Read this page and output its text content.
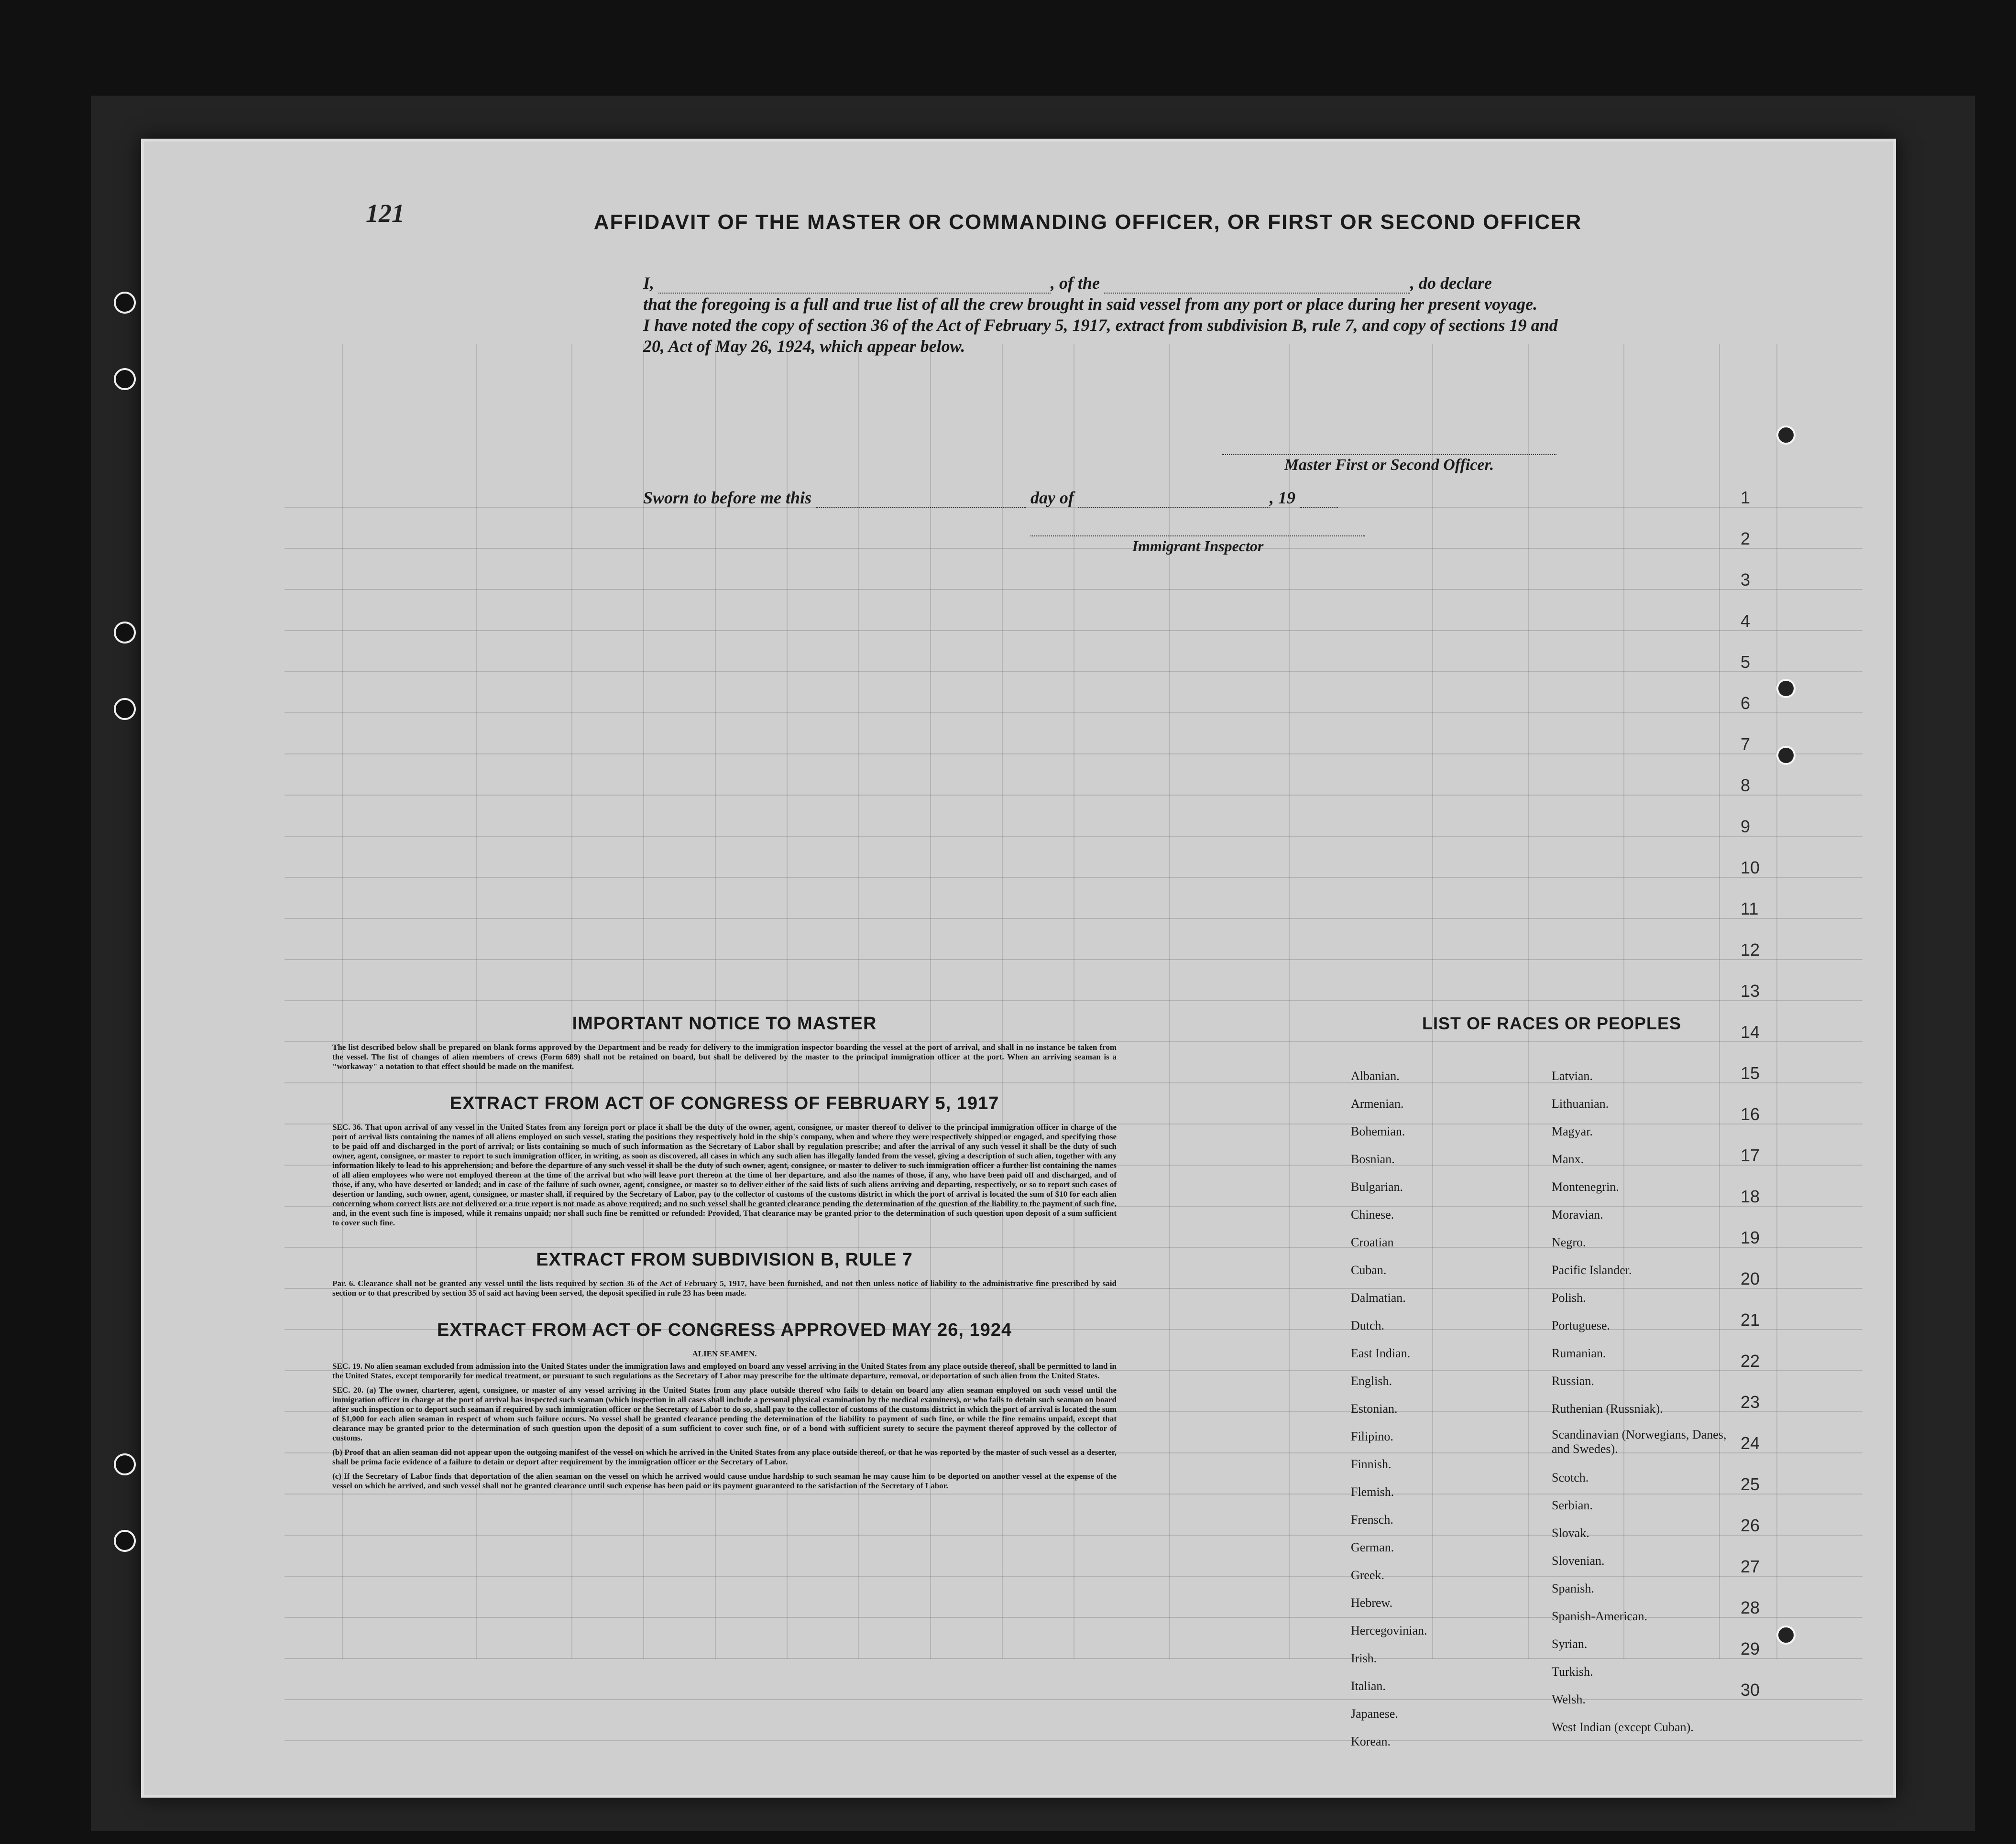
121	AFFIDAVIT OF THE MASTER OR COMMANDING OFFICER, OR FIRST OR SECOND OFFICER
I,	, of the	, do declare
that the foregoing is a full and true list of all the crew brought in said vessel from any port or place during her present voyage.
I have noted the copy of section 36 of the Act of February 5, 1917, extract from subdivision B, rule 7, and copy of sections 19 and
20, Act of May 26, 1924, which appear below.
Master First or Second Officer.
Sworn to before me this	day of	, 19
Immigrant Inspector
1
2
3
4
5
6
7
8
9
10
11
12
13
14
15
16
17
18
19
20
21
22
23
24
25
26
27
28
29
30
IMPORTANT NOTICE TO MASTER

The list described below shall be prepared on blank forms approved by the Department and be ready for delivery to the immigration inspector boarding the vessel at the port of arrival, and shall in no instance be taken from the vessel. The list of changes of alien members of crews (Form 689) shall not be retained on board, but shall be delivered by the master to the principal immigration officer at the port. When an arriving seaman is a "workaway" a notation to that effect should be made on the manifest.

EXTRACT FROM ACT OF CONGRESS OF FEBRUARY 5, 1917

SEC. 36. That upon arrival of any vessel in the United States from any foreign port or place it shall be the duty of the owner, agent, consignee, or master thereof to deliver to the principal immigration officer in charge of the port of arrival lists containing the names of all aliens employed on such vessel, stating the positions they respectively hold in the ship's company, when and where they were respectively shipped or engaged, and specifying those to be paid off and discharged in the port of arrival; or lists containing so much of such information as the Secretary of Labor shall by regulation prescribe; and after the arrival of any such vessel it shall be the duty of such owner, agent, consignee, or master to report to such immigration officer, in writing, as soon as discovered, all cases in which any such alien has illegally landed from the vessel, giving a description of such alien, together with any information likely to lead to his apprehension; and before the departure of any such vessel it shall be the duty of such owner, agent, consignee, or master to deliver to such immigration officer a further list containing the names of all alien employees who were not employed thereon at the time of the arrival but who will leave port thereon at the time of her departure, and also the names of those, if any, who have been paid off and discharged, and of those, if any, who have deserted or landed; and in case of the failure of such owner, agent, consignee, or master so to deliver either of the said lists of such aliens arriving and departing, respectively, or so to report such cases of desertion or landing, such owner, agent, consignee, or master shall, if required by the Secretary of Labor, pay to the collector of customs of the customs district in which the port of arrival is located the sum of $10 for each alien concerning whom correct lists are not delivered or a true report is not made as above required; and no such vessel shall be granted clearance pending the determination of the question of the liability to the payment of such fine, and, in the event such fine is imposed, while it remains unpaid; nor shall such fine be remitted or refunded: Provided, That clearance may be granted prior to the determination of such question upon deposit of a sum sufficient to cover such fine.

EXTRACT FROM SUBDIVISION B, RULE 7

Par. 6. Clearance shall not be granted any vessel until the lists required by section 36 of the Act of February 5, 1917, have been furnished, and not then unless notice of liability to the administrative fine prescribed by said section or to that prescribed by section 35 of said act having been served, the deposit specified in rule 23 has been made.

EXTRACT FROM ACT OF CONGRESS APPROVED MAY 26, 1924
ALIEN SEAMEN.

SEC. 19. No alien seaman excluded from admission into the United States under the immigration laws and employed on board any vessel arriving in the United States from any place outside thereof, shall be permitted to land in the United States, except temporarily for medical treatment, or pursuant to such regulations as the Secretary of Labor may prescribe for the ultimate departure, removal, or deportation of such alien from the United States.

SEC. 20. (a) The owner, charterer, agent, consignee, or master of any vessel arriving in the United States from any place outside thereof who fails to detain on board any alien seaman employed on such vessel until the immigration officer in charge at the port of arrival has inspected such seaman (which inspection in all cases shall include a personal physical examination by the medical examiners), or who fails to detain such seaman on board after such inspection or to deport such seaman if required by such immigration officer or the Secretary of Labor to do so, shall pay to the collector of customs of the customs district in which the port of arrival is located the sum of $1,000 for each alien seaman in respect of whom such failure occurs. No vessel shall be granted clearance pending the determination of the liability to payment of such fine, or while the fine remains unpaid, except that clearance may be granted prior to the determination of such question upon the deposit of a sum sufficient to cover such fine, or of a bond with sufficient surety to secure the payment thereof approved by the collector of customs.

(b) Proof that an alien seaman did not appear upon the outgoing manifest of the vessel on which he arrived in the United States from any place outside thereof, or that he was reported by the master of such vessel as a deserter, shall be prima facie evidence of a failure to detain or deport after requirement by the immigration officer or the Secretary of Labor.

(c) If the Secretary of Labor finds that deportation of the alien seaman on the vessel on which he arrived would cause undue hardship to such seaman he may cause him to be deported on another vessel at the expense of the vessel on which he arrived, and such vessel shall not be granted clearance until such expense has been paid or its payment guaranteed to the satisfaction of the Secretary of Labor.

LIST OF RACES OR PEOPLES
Albanian.
Armenian.
Bohemian.
Bosnian.
Bulgarian.
Chinese.
Croatian
Cuban.
Dalmatian.
Dutch.
East Indian.
English.
Estonian.
Filipino.
Finnish.
Flemish.
Frensch.
German.
Greek.
Hebrew.
Hercegovinian.
Irish.
Italian.
Japanese.
Korean.
Latvian.
Lithuanian.
Magyar.
Manx.
Montenegrin.
Moravian.
Negro.
Pacific Islander.
Polish.
Portuguese.
Rumanian.
Russian.
Ruthenian (Russniak).
Scandinavian (Norwegians, Danes, and Swedes).
Scotch.
Serbian.
Slovak.
Slovenian.
Spanish.
Spanish-American.
Syrian.
Turkish.
Welsh.
West Indian (except Cuban).
